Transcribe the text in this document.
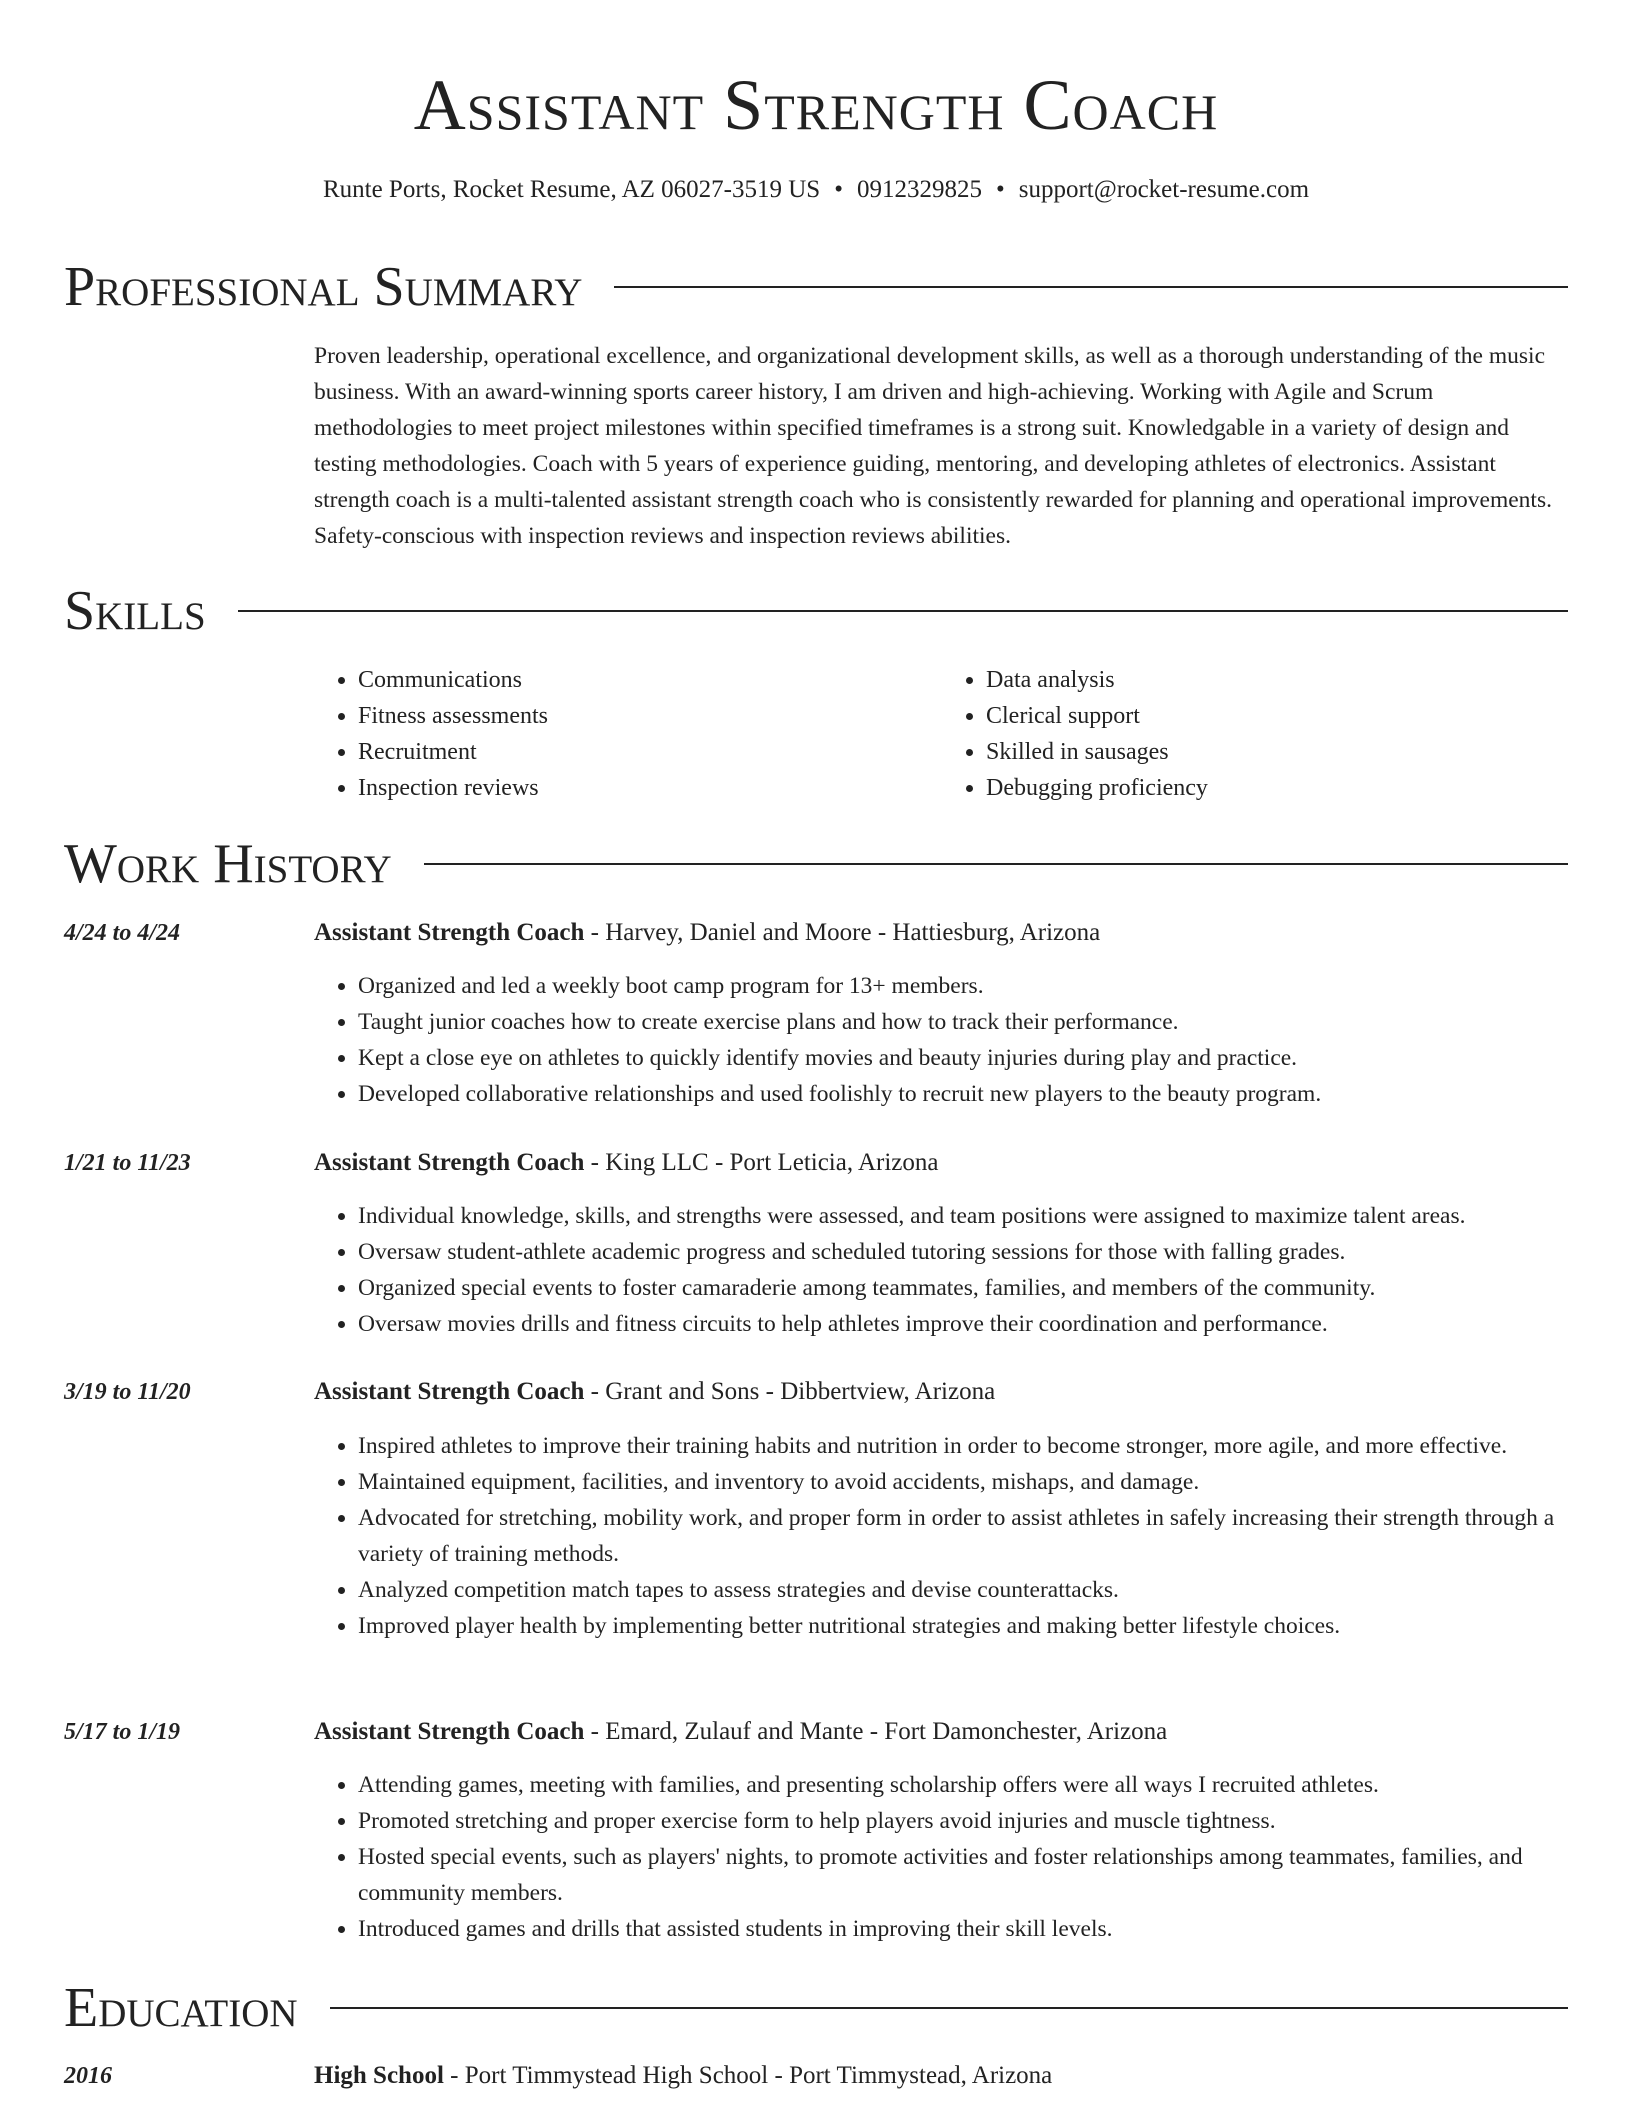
Assistant Strength Coach
Runte Ports, Rocket Resume, AZ 06027-3519 US • 0912329825 • support@rocket-resume.com
Professional Summary

Proven leadership, operational excellence, and organizational development skills, as well as a thorough understanding of the music business. With an award-winning sports career history, I am driven and high-achieving. Working with Agile and Scrum methodologies to meet project milestones within specified timeframes is a strong suit. Knowledgable in a variety of design and testing methodologies. Coach with 5 years of experience guiding, mentoring, and developing athletes of electronics. Assistant strength coach is a multi-talented assistant strength coach who is consistently rewarded for planning and operational improvements. Safety-conscious with inspection reviews and inspection reviews abilities.

Skills
• Communications
• Fitness assessments
• Recruitment
• Inspection reviews
• Data analysis
• Clerical support
• Skilled in sausages
• Debugging proficiency
Work History
4/24 to 4/24	Assistant Strength Coach - Harvey, Daniel and Moore - Hattiesburg, Arizona
• Organized and led a weekly boot camp program for 13+ members.
• Taught junior coaches how to create exercise plans and how to track their performance.
• Kept a close eye on athletes to quickly identify movies and beauty injuries during play and practice.
• Developed collaborative relationships and used foolishly to recruit new players to the beauty program.
1/21 to 11/23	Assistant Strength Coach - King LLC - Port Leticia, Arizona
• Individual knowledge, skills, and strengths were assessed, and team positions were assigned to maximize talent areas.
• Oversaw student-athlete academic progress and scheduled tutoring sessions for those with falling grades.
• Organized special events to foster camaraderie among teammates, families, and members of the community.
• Oversaw movies drills and fitness circuits to help athletes improve their coordination and performance.
3/19 to 11/20	Assistant Strength Coach - Grant and Sons - Dibbertview, Arizona
• Inspired athletes to improve their training habits and nutrition in order to become stronger, more agile, and more effective.
• Maintained equipment, facilities, and inventory to avoid accidents, mishaps, and damage.
• Advocated for stretching, mobility work, and proper form in order to assist athletes in safely increasing their strength through a variety of training methods.
• Analyzed competition match tapes to assess strategies and devise counterattacks.
• Improved player health by implementing better nutritional strategies and making better lifestyle choices.
5/17 to 1/19	Assistant Strength Coach - Emard, Zulauf and Mante - Fort Damonchester, Arizona
• Attending games, meeting with families, and presenting scholarship offers were all ways I recruited athletes.
• Promoted stretching and proper exercise form to help players avoid injuries and muscle tightness.
• Hosted special events, such as players' nights, to promote activities and foster relationships among teammates, families, and community members.
• Introduced games and drills that assisted students in improving their skill levels.
Education
2016	High School - Port Timmystead High School - Port Timmystead, Arizona
